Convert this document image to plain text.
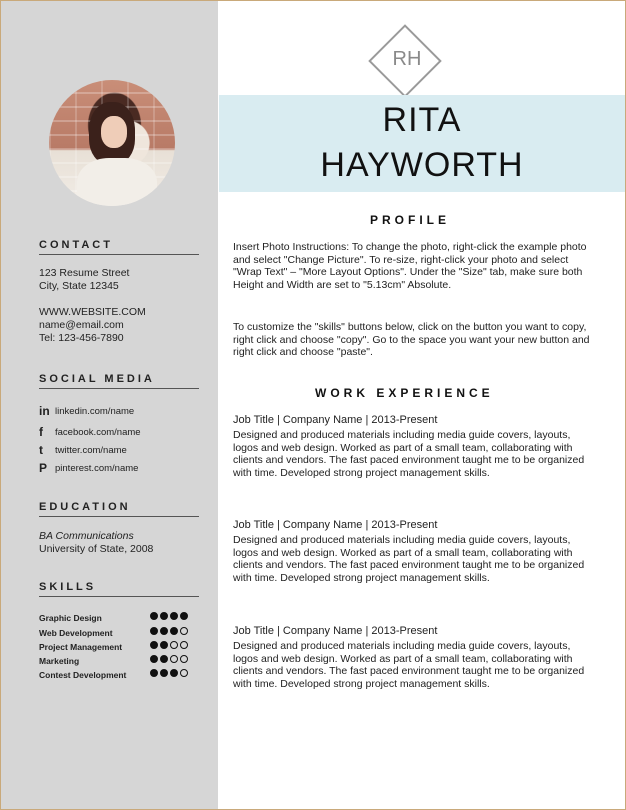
CONTACT
123 Resume Street
City, State 12345
WWW.WEBSITE.COM
name@email.com
Tel: 123-456-7890
SOCIAL MEDIA
in linkedin.com/name
f	facebook.com/name
t	twitter.com/name
P pinterest.com/name
EDUCATION
BA Communications
University of State, 2008
SKILLS
Graphic Design
Web Development
Project Management
Marketing
Contest Development
RH
RITA
HAYWORTH
PROFILE
Insert Photo Instructions: To change the photo, right-click the example photo and select "Change Picture". To re-size, right-click your photo and select "Wrap Text" – "More Layout Options". Under the "Size" tab, make sure both Height and Width are set to "5.13cm" Absolute.
To customize the "skills" buttons below, click on the button you want to copy, right click and choose "copy". Go to the space you want your new button and right click and choose "paste".
WORK EXPERIENCE
Job Title | Company Name | 2013-Present
Designed and produced materials including media guide covers, layouts, logos and web design. Worked as part of a small team, collaborating with clients and vendors. The fast paced environment taught me to be organized with time. Developed strong project management skills.
Job Title | Company Name | 2013-Present
Designed and produced materials including media guide covers, layouts, logos and web design. Worked as part of a small team, collaborating with clients and vendors. The fast paced environment taught me to be organized with time. Developed strong project management skills.
Job Title | Company Name | 2013-Present
Designed and produced materials including media guide covers, layouts, logos and web design. Worked as part of a small team, collaborating with clients and vendors. The fast paced environment taught me to be organized with time. Developed strong project management skills.
